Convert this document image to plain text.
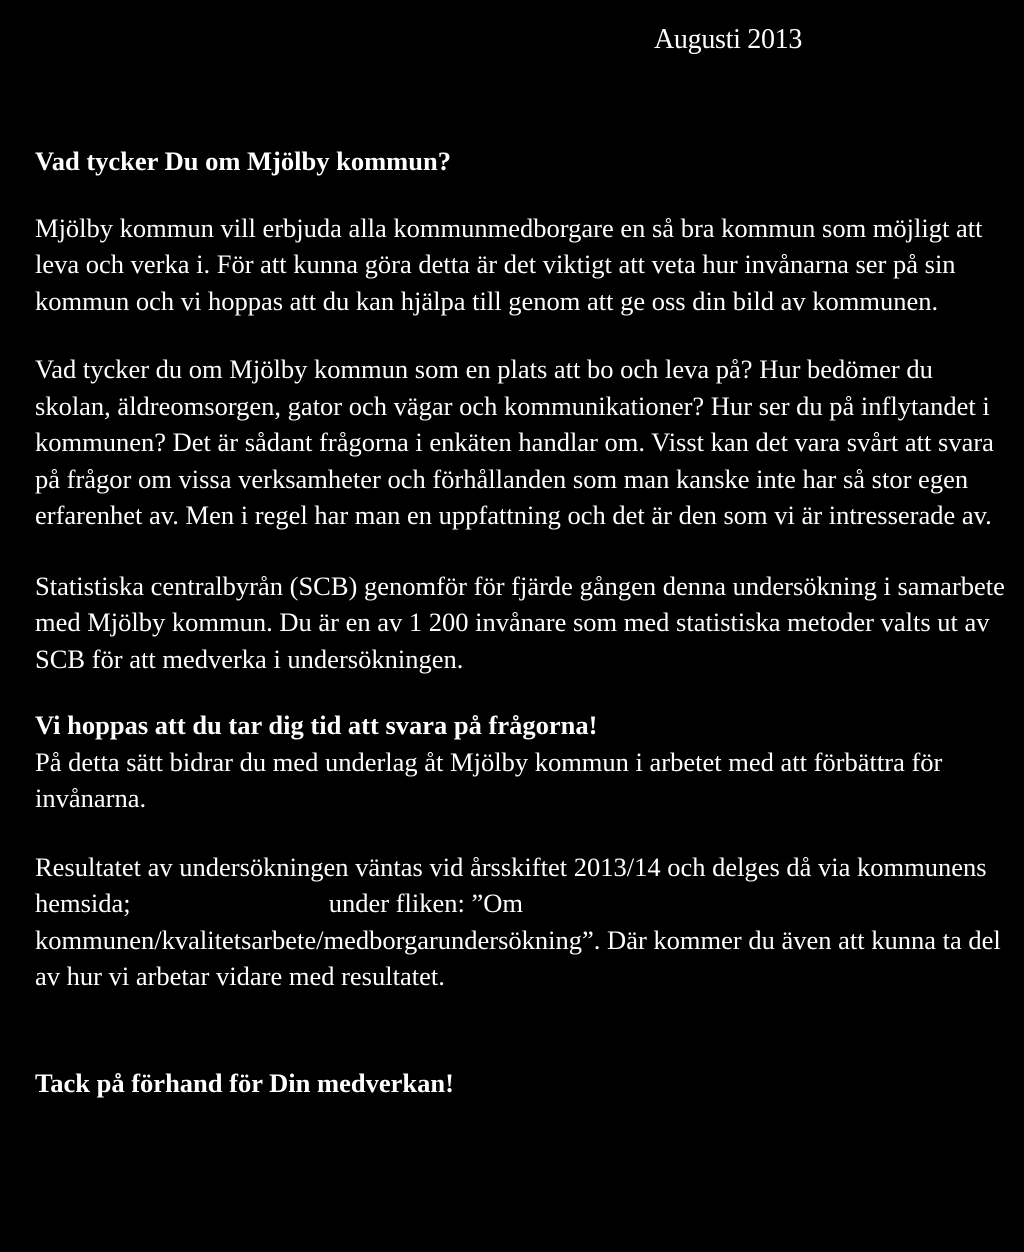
Augusti 2013

Vad tycker Du om Mjölby kommun?

Mjölby kommun vill erbjuda alla kommunmedborgare en så bra kommun som möjligt att leva och verka i. För att kunna göra detta är det viktigt att veta hur invånarna ser på sin kommun och vi hoppas att du kan hjälpa till genom att ge oss din bild av kommunen.

Vad tycker du om Mjölby kommun som en plats att bo och leva på? Hur bedömer du skolan, äldreomsorgen, gator och vägar och kommunikationer? Hur ser du på inflytandet i kommunen? Det är sådant frågorna i enkäten handlar om. Visst kan det vara svårt att svara på frågor om vissa verksamheter och förhållanden som man kanske inte har så stor egen erfarenhet av. Men i regel har man en uppfattning och det är den som vi är intresserade av.

Statistiska centralbyrån (SCB) genomför för fjärde gången denna undersökning i samarbete med Mjölby kommun. Du är en av 1 200 invånare som med statistiska metoder valts ut av SCB för att medverka i undersökningen.

Vi hoppas att du tar dig tid att svara på frågorna!

På detta sätt bidrar du med underlag åt Mjölby kommun i arbetet med att förbättra för invånarna.

Resultatet av undersökningen väntas vid årsskiftet 2013/14 och delges då via kommunens hemsida;	under fliken: ”Om kommunen/kvalitetsarbete/medborgarundersökning”. Där kommer du även att kunna ta del av hur vi arbetar vidare med resultatet.

Tack på förhand för Din medverkan!
